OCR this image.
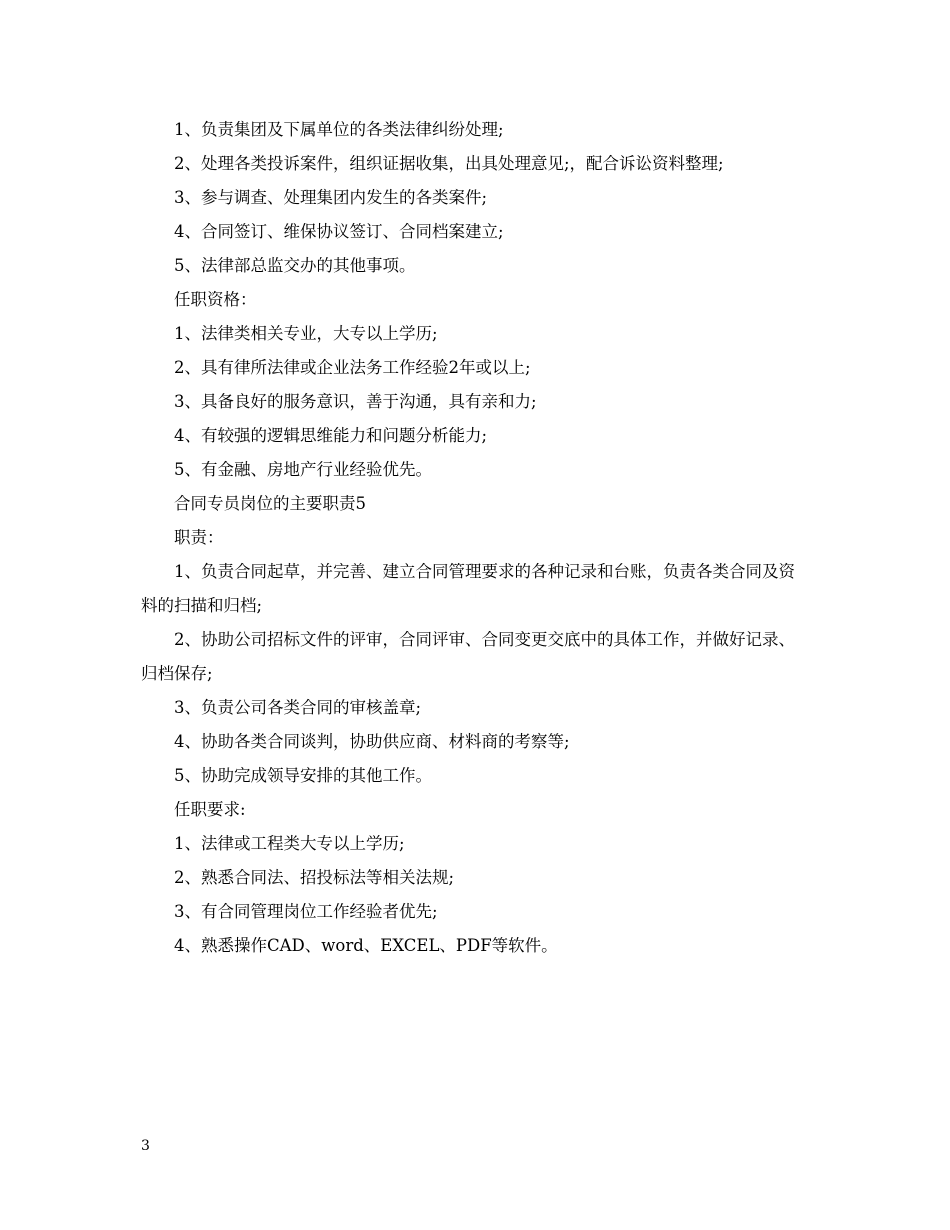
1、负责集团及下属单位的各类法律纠纷处理;

2、处理各类投诉案件，组织证据收集，出具处理意见;，配合诉讼资料整理;

3、参与调查、处理集团内发生的各类案件;

4、合同签订、维保协议签订、合同档案建立;

5、法律部总监交办的其他事项。

任职资格：

1、法律类相关专业，大专以上学历;

2、具有律所法律或企业法务工作经验2年或以上;

3、具备良好的服务意识，善于沟通，具有亲和力;

4、有较强的逻辑思维能力和问题分析能力;

5、有金融、房地产行业经验优先。

合同专员岗位的主要职责5

职责：

1、负责合同起草，并完善、建立合同管理要求的各种记录和台账，负责各类合同及资料的扫描和归档;

2、协助公司招标文件的评审，合同评审、合同变更交底中的具体工作，并做好记录、归档保存;

3、负责公司各类合同的审核盖章;

4、协助各类合同谈判，协助供应商、材料商的考察等;

5、协助完成领导安排的其他工作。

任职要求:

1、法律或工程类大专以上学历;

2、熟悉合同法、招投标法等相关法规;

3、有合同管理岗位工作经验者优先;

4、熟悉操作CAD、word、EXCEL、PDF等软件。

3
